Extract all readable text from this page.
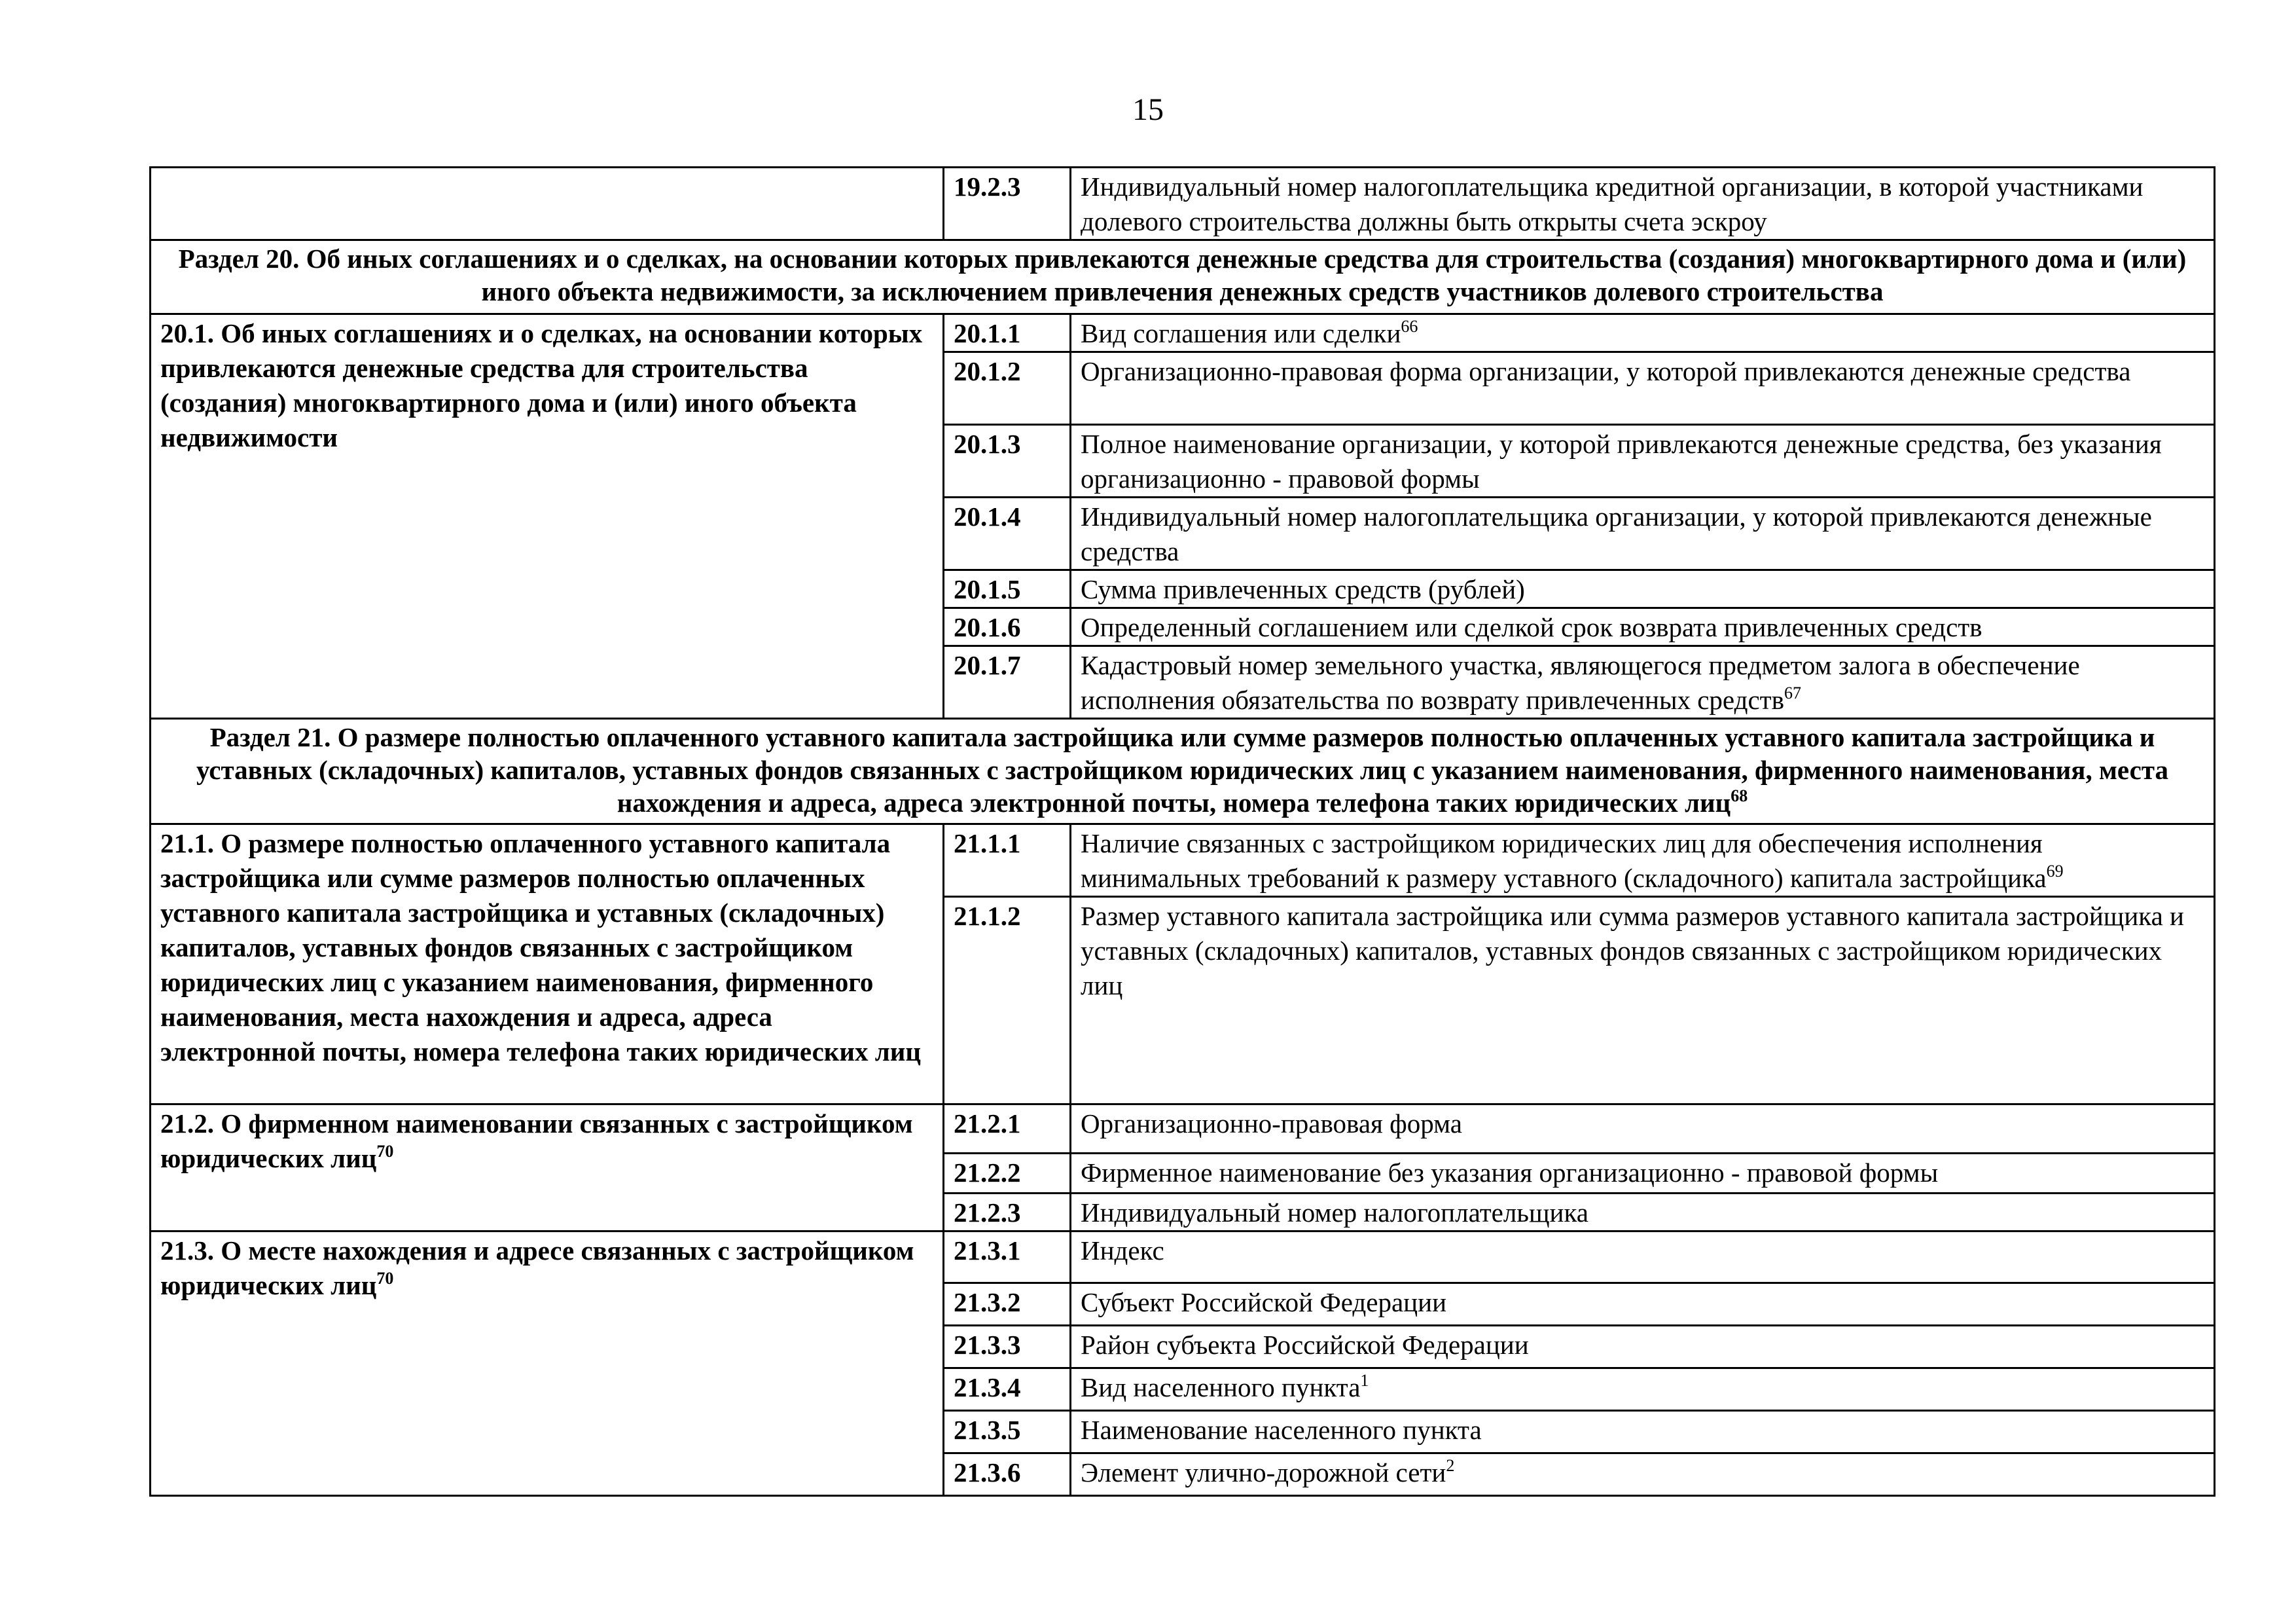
15
	19.2.3	Индивидуальный номер налогоплательщика кредитной организации, в которой участниками долевого строительства должны быть открыты счета эскроу
Раздел 20. Об иных соглашениях и о сделках, на основании которых привлекаются денежные средства для строительства (создания) многоквартирного дома и (или) иного объекта недвижимости, за исключением привлечения денежных средств участников долевого строительства		
20.1. Об иных соглашениях и о сделках, на основании которых привлекаются денежные средства для строительства (создания) многоквартирного дома и (или) иного объекта недвижимости	20.1.1	Вид соглашения или сделки$^{66}$
	20.1.2	Организационно-правовая форма организации, у которой привлекаются денежные средства
	20.1.3	Полное наименование организации, у которой привлекаются денежные средства, без указания организационно - правовой формы
	20.1.4	Индивидуальный номер налогоплательщика организации, у которой привлекаются денежные средства
	20.1.5	Сумма привлеченных средств (рублей)
	20.1.6	Определенный соглашением или сделкой срок возврата привлеченных средств
	20.1.7	Кадастровый номер земельного участка, являющегося предметом залога в обеспечение исполнения обязательства по возврату привлеченных средств$^{67}$
Раздел 21. О размере полностью оплаченного уставного капитала застройщика или сумме размеров полностью оплаченных уставного капитала застройщика и уставных (складочных) капиталов, уставных фондов связанных с застройщиком юридических лиц с указанием наименования, фирменного наименования, места нахождения и адреса, адреса электронной почты, номера телефона таких юридических лиц$^{68}$
21.1. О размере полностью оплаченного уставного капитала застройщика или сумме размеров полностью оплаченных уставного капитала застройщика и уставных (складочных) капиталов, уставных фондов связанных с застройщиком юридических лиц с указанием наименования, фирменного наименования, места нахождения и адреса, адреса электронной почты, номера телефона таких юридических лиц	21.1.1	Наличие связанных с застройщиком юридических лиц для обеспечения исполнения минимальных требований к размеру уставного (складочного) капитала застройщика$^{69}$
	21.1.2	Размер уставного капитала застройщика или сумма размеров уставного капитала застройщика и уставных (складочных) капиталов, уставных фондов связанных с застройщиком юридических лиц
21.2. О фирменном наименовании связанных с застройщиком юридических лиц$^{70}$	21.2.1	Организационно-правовая форма
	21.2.2	Фирменное наименование без указания организационно - правовой формы
	21.2.3	Индивидуальный номер налогоплательщика
21.3. О месте нахождения и адресе связанных с застройщиком юридических лиц$^{70}$	21.3.1	Индекс
	21.3.2	Субъект Российской Федерации
	21.3.3	Район субъекта Российской Федерации
	21.3.4	Вид населенного пункта$^1$
	21.3.5	Наименование населенного пункта
	21.3.6	Элемент улично-дорожной сети$^2$
